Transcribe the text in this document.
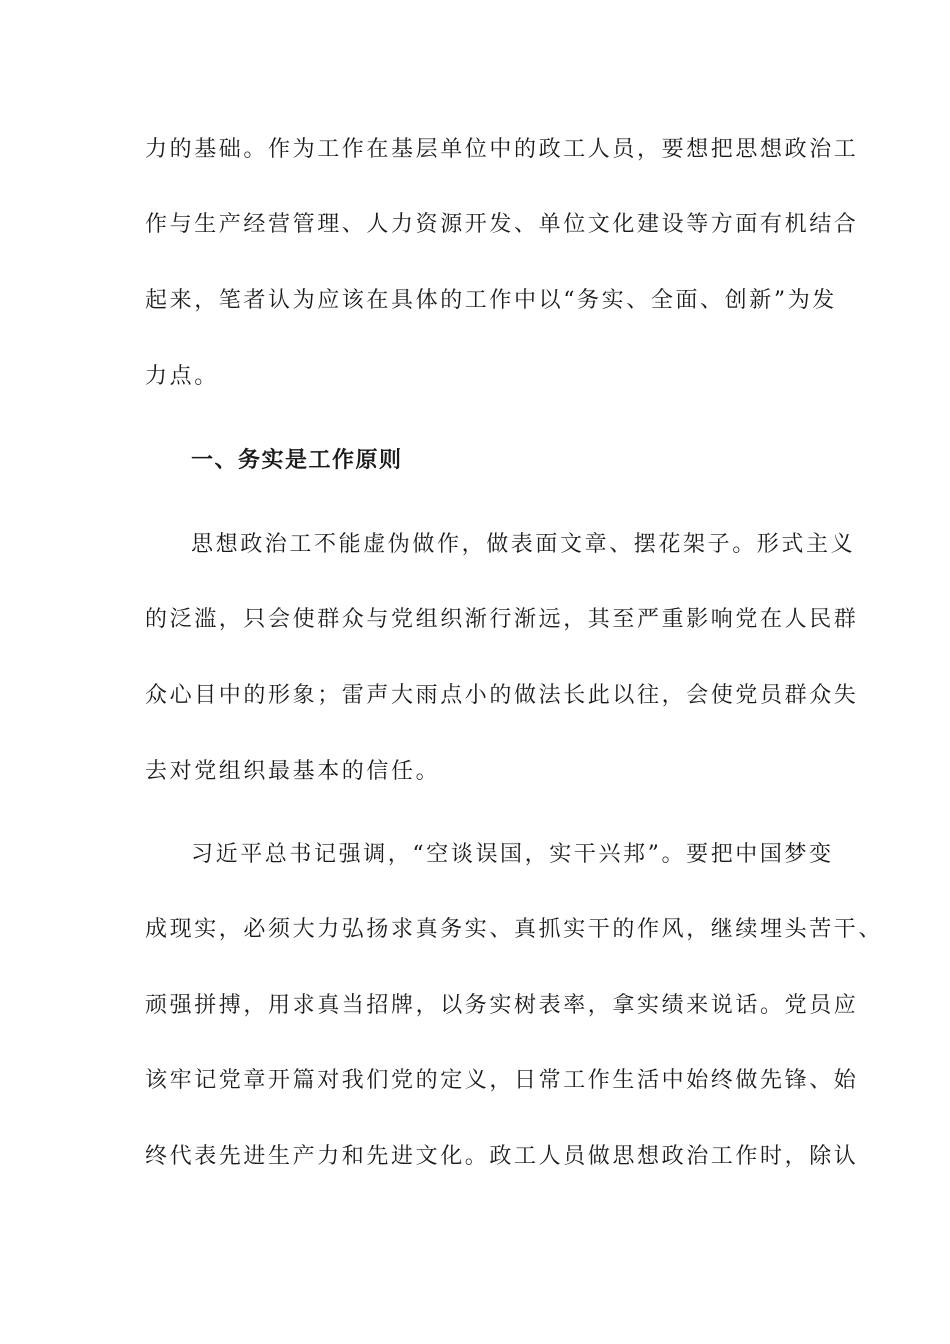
力的基础。作为工作在基层单位中的政工人员，要想把思想政治工
作与生产经营管理、人力资源开发、单位文化建设等方面有机结合
起来，笔者认为应该在具体的工作中以“务实、全面、创新”为发
力点。
一、务实是工作原则
思想政治工不能虚伪做作，做表面文章、摆花架子。形式主义
的泛滥，只会使群众与党组织渐行渐远，其至严重影响党在人民群
众心目中的形象；雷声大雨点小的做法长此以往，会使党员群众失
去对党组织最基本的信任。
习近平总书记强调，“空谈误国，实干兴邦”。要把中国梦变
成现实，必须大力弘扬求真务实、真抓实干的作风，继续埋头苦干、
顽强拼搏，用求真当招牌，以务实树表率，拿实绩来说话。党员应
该牢记党章开篇对我们党的定义，日常工作生活中始终做先锋、始
终代表先进生产力和先进文化。政工人员做思想政治工作时，除认
